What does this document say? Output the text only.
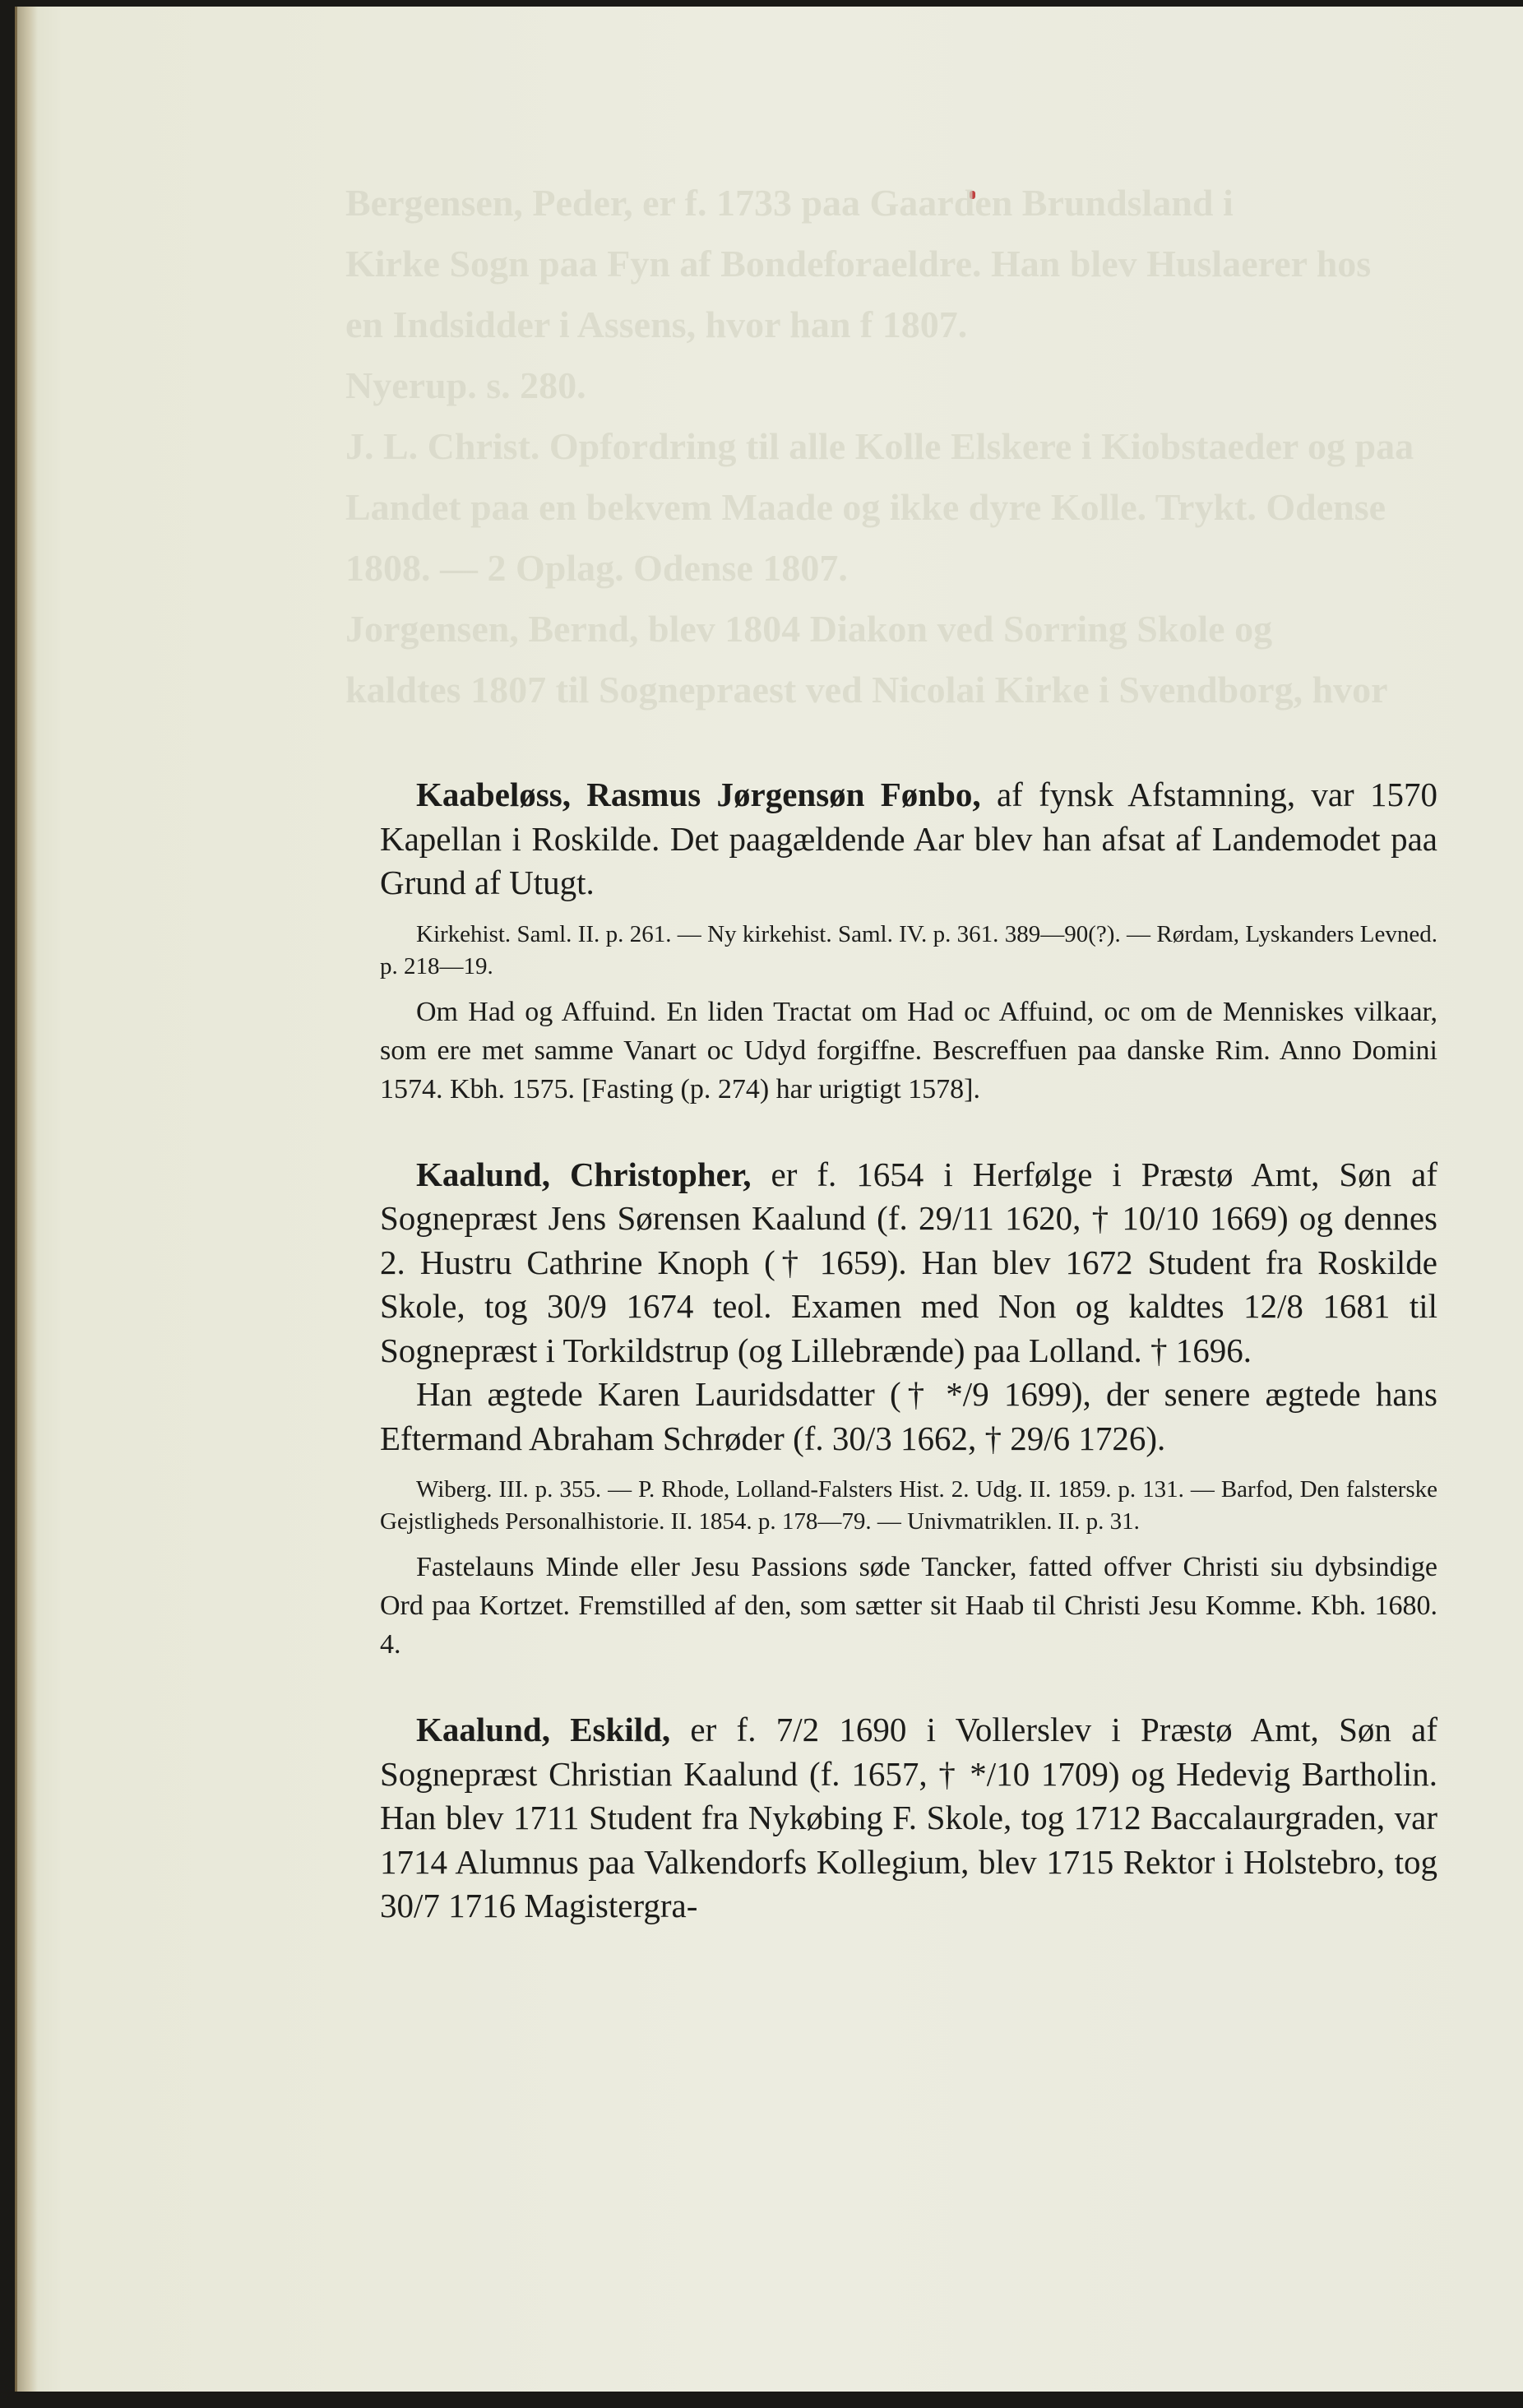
Bergensen, Peder, er f. 1733 paa Gaarden Brundsland i
Kirke Sogn paa Fyn af Bondeforaeldre. Han blev Huslaerer hos
en Indsidder i Assens, hvor han f 1807.
Nyerup. s. 280.
J. L. Christ. Opfordring til alle Kolle Elskere i Kiobstaeder og paa
Landet paa en bekvem Maade og ikke dyre Kolle. Trykt. Odense
1808. — 2 Oplag. Odense 1807.
Jorgensen, Bernd, blev 1804 Diakon ved Sorring Skole og
kaldtes 1807 til Sognepraest ved Nicolai Kirke i Svendborg, hvor

Kaabeløss, Rasmus Jørgensøn Fønbo, af fynsk Afstamning, var 1570 Kapellan i Roskilde. Det paagældende Aar blev han afsat af Landemodet paa Grund af Utugt.

Kirkehist. Saml. II. p. 261. — Ny kirkehist. Saml. IV. p. 361. 389—90(?). — Rørdam, Lyskanders Levned. p. 218—19.

Om Had og Affuind. En liden Tractat om Had oc Affuind, oc om de Menniskes vilkaar, som ere met samme Vanart oc Udyd forgiffne. Bescreffuen paa danske Rim. Anno Domini 1574. Kbh. 1575. [Fasting (p. 274) har urigtigt 1578].

Kaalund, Christopher, er f. 1654 i Herfølge i Præstø Amt, Søn af Sognepræst Jens Sørensen Kaalund (f. 29/11 1620, † 10/10 1669) og dennes 2. Hustru Cathrine Knoph († 1659). Han blev 1672 Student fra Roskilde Skole, tog 30/9 1674 teol. Examen med Non og kaldtes 12/8 1681 til Sognepræst i Torkildstrup (og Lillebrænde) paa Lolland. † 1696.

Han ægtede Karen Lauridsdatter († */9 1699), der senere ægtede hans Eftermand Abraham Schrøder (f. 30/3 1662, † 29/6 1726).

Wiberg. III. p. 355. — P. Rhode, Lolland-Falsters Hist. 2. Udg. II. 1859. p. 131. — Barfod, Den falsterske Gejstligheds Personalhistorie. II. 1854. p. 178—79. — Univmatriklen. II. p. 31.

Fastelauns Minde eller Jesu Passions søde Tancker, fatted offver Christi siu dybsindige Ord paa Kortzet. Fremstilled af den, som sætter sit Haab til Christi Jesu Komme. Kbh. 1680. 4.

Kaalund, Eskild, er f. 7/2 1690 i Vollerslev i Præstø Amt, Søn af Sognepræst Christian Kaalund (f. 1657, † */10 1709) og Hedevig Bartholin. Han blev 1711 Student fra Nykøbing F. Skole, tog 1712 Baccalaurgraden, var 1714 Alumnus paa Valkendorfs Kollegium, blev 1715 Rektor i Holstebro, tog 30/7 1716 Magistergra-
